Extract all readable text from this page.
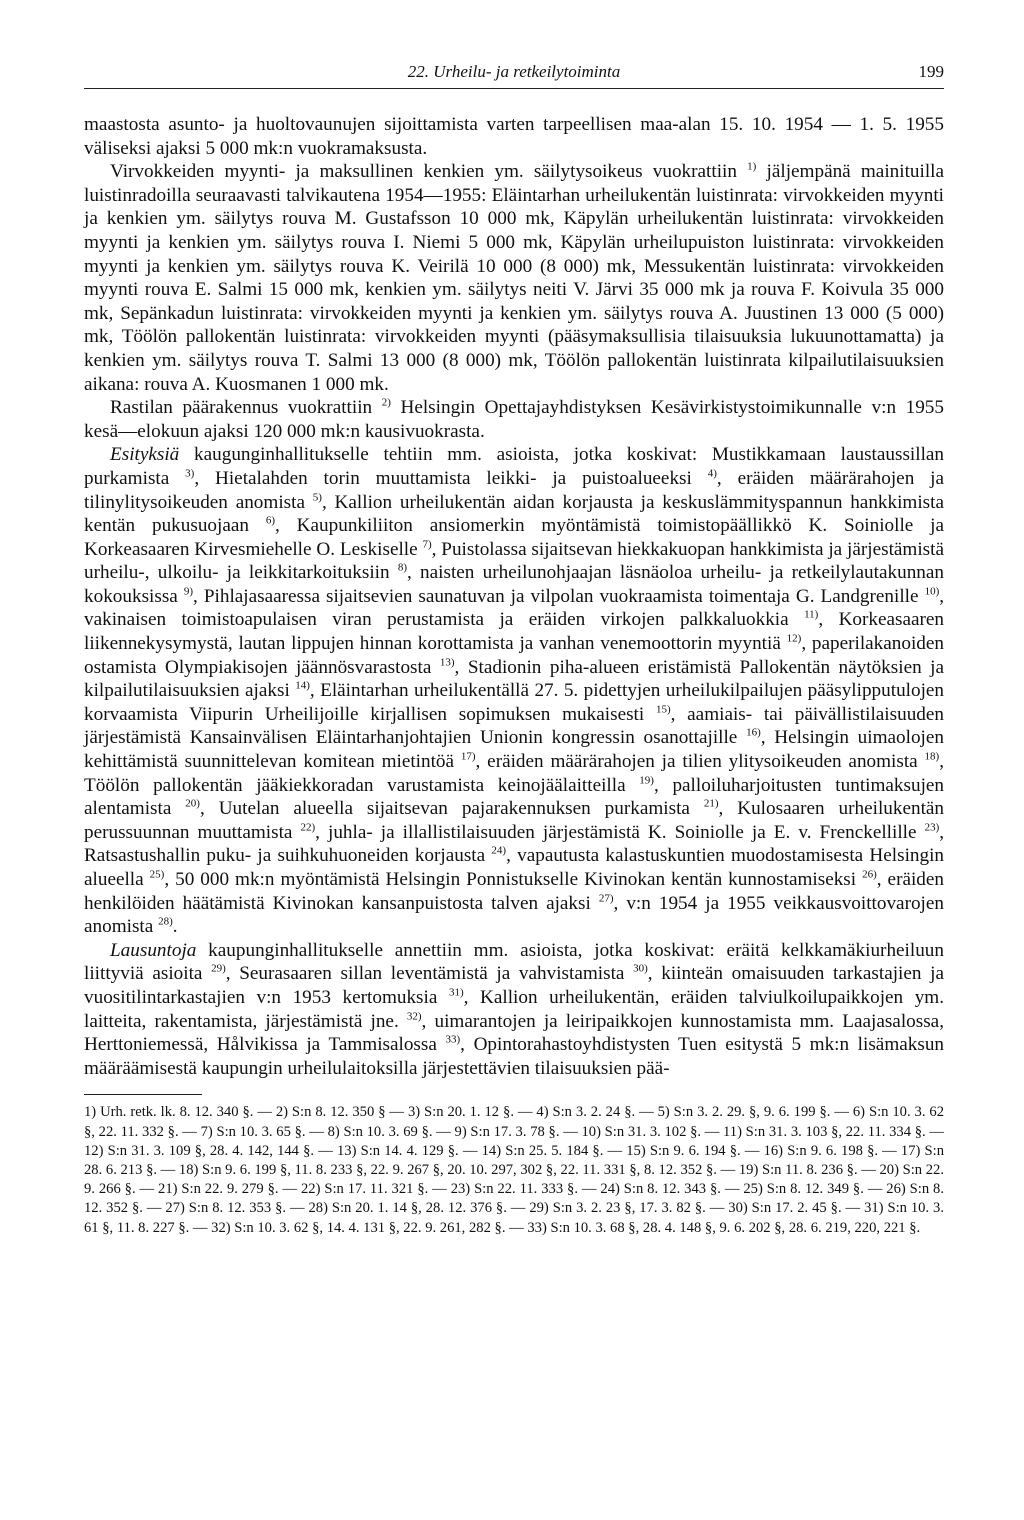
22. Urheilu- ja retkeilytoiminta	199

maastosta asunto- ja huoltovaunujen sijoittamista varten tarpeellisen maa-alan 15. 10. 1954 — 1. 5. 1955 väliseksi ajaksi 5 000 mk:n vuokramaksusta.

Virvokkeiden myynti- ja maksullinen kenkien ym. säilytysoikeus vuokrattiin $^{1)}$ jäljempänä mainituilla luistinradoilla seuraavasti talvikautena 1954—1955: Eläintarhan urheilukentän luistinrata: virvokkeiden myynti ja kenkien ym. säilytys rouva M. Gustafsson 10 000 mk, Käpylän urheilukentän luistinrata: virvokkeiden myynti ja kenkien ym. säilytys rouva I. Niemi 5 000 mk, Käpylän urheilupuiston luistinrata: virvokkeiden myynti ja kenkien ym. säilytys rouva K. Veirilä 10 000 (8 000) mk, Messukentän luistinrata: virvokkeiden myynti rouva E. Salmi 15 000 mk, kenkien ym. säilytys neiti V. Järvi 35 000 mk ja rouva F. Koivula 35 000 mk, Sepänkadun luistinrata: virvokkeiden myynti ja kenkien ym. säilytys rouva A. Juustinen 13 000 (5 000) mk, Töölön pallokentän luistinrata: virvokkeiden myynti (pääsymaksullisia tilaisuuksia lukuunottamatta) ja kenkien ym. säilytys rouva T. Salmi 13 000 (8 000) mk, Töölön pallokentän luistinrata kilpailutilaisuuksien aikana: rouva A. Kuosmanen 1 000 mk.

Rastilan päärakennus vuokrattiin $^{2)}$ Helsingin Opettajayhdistyksen Kesävirkistystoimikunnalle v:n 1955 kesä—elokuun ajaksi 120 000 mk:n kausivuokrasta.

Esityksiä kaugunginhallitukselle tehtiin mm. asioista, jotka koskivat: Mustikkamaan laustaussillan purkamista $^{3)}$, Hietalahden torin muuttamista leikki- ja puistoalueeksi $^{4)}$, eräiden määrärahojen ja tilinylitysoikeuden anomista $^{5)}$, Kallion urheilukentän aidan korjausta ja keskuslämmityspannun hankkimista kentän pukusuojaan $^{6)}$, Kaupunkiliiton ansiomerkin myöntämistä toimistopäällikkö K. Soiniolle ja Korkeasaaren Kirvesmiehelle O. Leskiselle $^{7)}$, Puistolassa sijaitsevan hiekkakuopan hankkimista ja järjestämistä urheilu-, ulkoilu- ja leikkitarkoituksiin $^{8)}$, naisten urheilunohjaajan läsnäoloa urheilu- ja retkeilylautakunnan kokouksissa $^{9)}$, Pihlajasaaressa sijaitsevien saunatuvan ja vilpolan vuokraamista toimentaja G. Landgrenille $^{10)}$, vakinaisen toimistoapulaisen viran perustamista ja eräiden virkojen palkkaluokkia $^{11)}$, Korkeasaaren liikennekysymystä, lautan lippujen hinnan korottamista ja vanhan venemoottorin myyntiä $^{12)}$, paperilakanoiden ostamista Olympiakisojen jäännösvarastosta $^{13)}$, Stadionin piha-alueen eristämistä Pallokentän näytöksien ja kilpailutilaisuuksien ajaksi $^{14)}$, Eläintarhan urheilukentällä 27. 5. pidettyjen urheilukilpailujen pääsylipputulojen korvaamista Viipurin Urheilijoille kirjallisen sopimuksen mukaisesti $^{15)}$, aamiais- tai päivällistilaisuuden järjestämistä Kansainvälisen Eläintarhanjohtajien Unionin kongressin osanottajille $^{16)}$, Helsingin uimaolojen kehittämistä suunnittelevan komitean mietintöä $^{17)}$, eräiden määrärahojen ja tilien ylitysoikeuden anomista $^{18)}$, Töölön pallokentän jääkiekkoradan varustamista keinojäälaitteilla $^{19)}$, palloiluharjoitusten tuntimaksujen alentamista $^{20)}$, Uutelan alueella sijaitsevan pajarakennuksen purkamista $^{21)}$, Kulosaaren urheilukentän perussuunnan muuttamista $^{22)}$, juhla- ja illallistilaisuuden järjestämistä K. Soiniolle ja E. v. Frenckellille $^{23)}$, Ratsastushallin puku- ja suihkuhuoneiden korjausta $^{24)}$, vapautusta kalastuskuntien muodostamisesta Helsingin alueella $^{25)}$, 50 000 mk:n myöntämistä Helsingin Ponnistukselle Kivinokan kentän kunnostamiseksi $^{26)}$, eräiden henkilöiden häätämistä Kivinokan kansanpuistosta talven ajaksi $^{27)}$, v:n 1954 ja 1955 veikkausvoittovarojen anomista $^{28)}$.

Lausuntoja kaupunginhallitukselle annettiin mm. asioista, jotka koskivat: eräitä kelkkamäkiurheiluun liittyviä asioita $^{29)}$, Seurasaaren sillan leventämistä ja vahvistamista $^{30)}$, kiinteän omaisuuden tarkastajien ja vuositilintarkastajien v:n 1953 kertomuksia $^{31)}$, Kallion urheilukentän, eräiden talviulkoilupaikkojen ym. laitteita, rakentamista, järjestämistä jne. $^{32)}$, uimarantojen ja leiripaikkojen kunnostamista mm. Laajasalossa, Herttoniemessä, Hålvikissa ja Tammisalossa $^{33)}$, Opintorahastoyhdistysten Tuen esitystä 5 mk:n lisämaksun määräämisestä kaupungin urheilulaitoksilla järjestettävien tilaisuuksien pää-

1) Urh. retk. lk. 8. 12. 340 §. — 2) S:n 8. 12. 350 § — 3) S:n 20. 1. 12 §. — 4) S:n 3. 2. 24 §. — 5) S:n 3. 2. 29. §, 9. 6. 199 §. — 6) S:n 10. 3. 62 §, 22. 11. 332 §. — 7) S:n 10. 3. 65 §. — 8) S:n 10. 3. 69 §. — 9) S:n 17. 3. 78 §. — 10) S:n 31. 3. 102 §. — 11) S:n 31. 3. 103 §, 22. 11. 334 §. — 12) S:n 31. 3. 109 §, 28. 4. 142, 144 §. — 13) S:n 14. 4. 129 §. — 14) S:n 25. 5. 184 §. — 15) S:n 9. 6. 194 §. — 16) S:n 9. 6. 198 §. — 17) S:n 28. 6. 213 §. — 18) S:n 9. 6. 199 §, 11. 8. 233 §, 22. 9. 267 §, 20. 10. 297, 302 §, 22. 11. 331 §, 8. 12. 352 §. — 19) S:n 11. 8. 236 §. — 20) S:n 22. 9. 266 §. — 21) S:n 22. 9. 279 §. — 22) S:n 17. 11. 321 §. — 23) S:n 22. 11. 333 §. — 24) S:n 8. 12. 343 §. — 25) S:n 8. 12. 349 §. — 26) S:n 8. 12. 352 §. — 27) S:n 8. 12. 353 §. — 28) S:n 20. 1. 14 §, 28. 12. 376 §. — 29) S:n 3. 2. 23 §, 17. 3. 82 §. — 30) S:n 17. 2. 45 §. — 31) S:n 10. 3. 61 §, 11. 8. 227 §. — 32) S:n 10. 3. 62 §, 14. 4. 131 §, 22. 9. 261, 282 §. — 33) S:n 10. 3. 68 §, 28. 4. 148 §, 9. 6. 202 §, 28. 6. 219, 220, 221 §.
